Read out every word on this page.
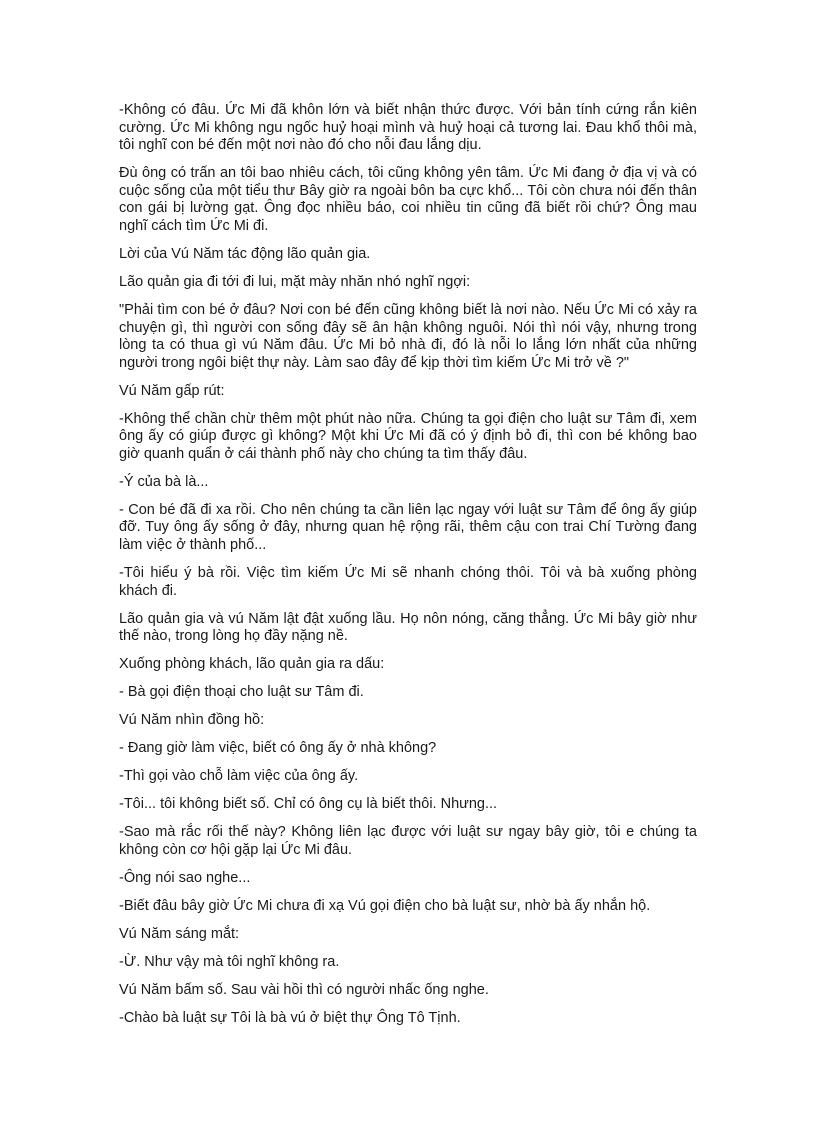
-Không có đâu. Ức Mi đã khôn lớn và biết nhận thức được. Với bản tính cứng rắn kiên cường. Ức Mi không ngu ngốc huỷ hoại mình và huỷ hoại cả tương lai. Đau khổ thôi mà, tôi nghĩ con bé đến một nơi nào đó cho nỗi đau lắng dịu.

Đù ông có trấn an tôi bao nhiêu cách, tôi cũng không yên tâm. Ức Mi đang ở địa vị và có cuộc sống của một tiểu thư Bây giờ ra ngoài bôn ba cực khổ... Tôi còn chưa nói đến thân con gái bị lường gạt. Ông đọc nhiều báo, coi nhiều tin cũng đã biết rồi chứ? Ông mau nghĩ cách tìm Ức Mi đi.

Lời của Vú Năm tác động lão quản gia.

Lão quản gia đi tới đi lui, mặt mày nhăn nhó nghĩ ngợi:

"Phải tìm con bé ở đâu? Nơi con bé đến cũng không biết là nơi nào. Nếu Ức Mi có xảy ra chuyện gì, thì người con sống đây sẽ ân hận không nguôi. Nói thì nói vậy, nhưng trong lòng ta có thua gì vú Năm đâu. Ức Mi bỏ nhà đi, đó là nỗi lo lắng lớn nhất của những người trong ngôi biệt thự này. Làm sao đây để kịp thời tìm kiếm Ức Mi trở về ?"

Vú Năm gấp rút:

-Không thể chần chừ thêm một phút nào nữa. Chúng ta gọi điện cho luật sư Tâm đi, xem ông ấy có giúp được gì không? Một khi Ức Mi đã có ý định bỏ đi, thì con bé không bao giờ quanh quẩn ở cái thành phố này cho chúng ta tìm thấy đâu.

-Ý của bà là...

- Con bé đã đi xa rồi. Cho nên chúng ta cần liên lạc ngay với luật sư Tâm để ông ấy giúp đỡ. Tuy ông ấy sống ở đây, nhưng quan hệ rộng rãi, thêm cậu con trai Chí Tường đang làm việc ở thành phố...

-Tôi hiểu ý bà rồi. Việc tìm kiếm Ức Mi sẽ nhanh chóng thôi. Tôi và bà xuống phòng khách đi.

Lão quản gia và vú Năm lật đật xuống lầu. Họ nôn nóng, căng thẳng. Ức Mi bây giờ như thế nào, trong lòng họ đầy nặng nề.

Xuống phòng khách, lão quản gia ra dấu:

- Bà gọi điện thoại cho luật sư Tâm đi.

Vú Năm nhìn đồng hồ:

- Đang giờ làm việc, biết có ông ấy ở nhà không?

-Thì gọi vào chỗ làm việc của ông ấy.

-Tôi... tôi không biết số. Chỉ có ông cụ là biết thôi. Nhưng...

-Sao mà rắc rối thế này? Không liên lạc được với luật sư ngay bây giờ, tôi e chúng ta không còn cơ hội gặp lại Ức Mi đâu.

-Ông nói sao nghe...

-Biết đâu bây giờ Ức Mi chưa đi xạ Vú gọi điện cho bà luật sư, nhờ bà ấy nhắn hộ.

Vú Năm sáng mắt:

-Ừ. Như vậy mà tôi nghĩ không ra.

Vú Năm bấm số. Sau vài hồi thì có người nhấc ống nghe.

-Chào bà luật sự Tôi là bà vú ở biệt thự Ông Tô Tịnh.
